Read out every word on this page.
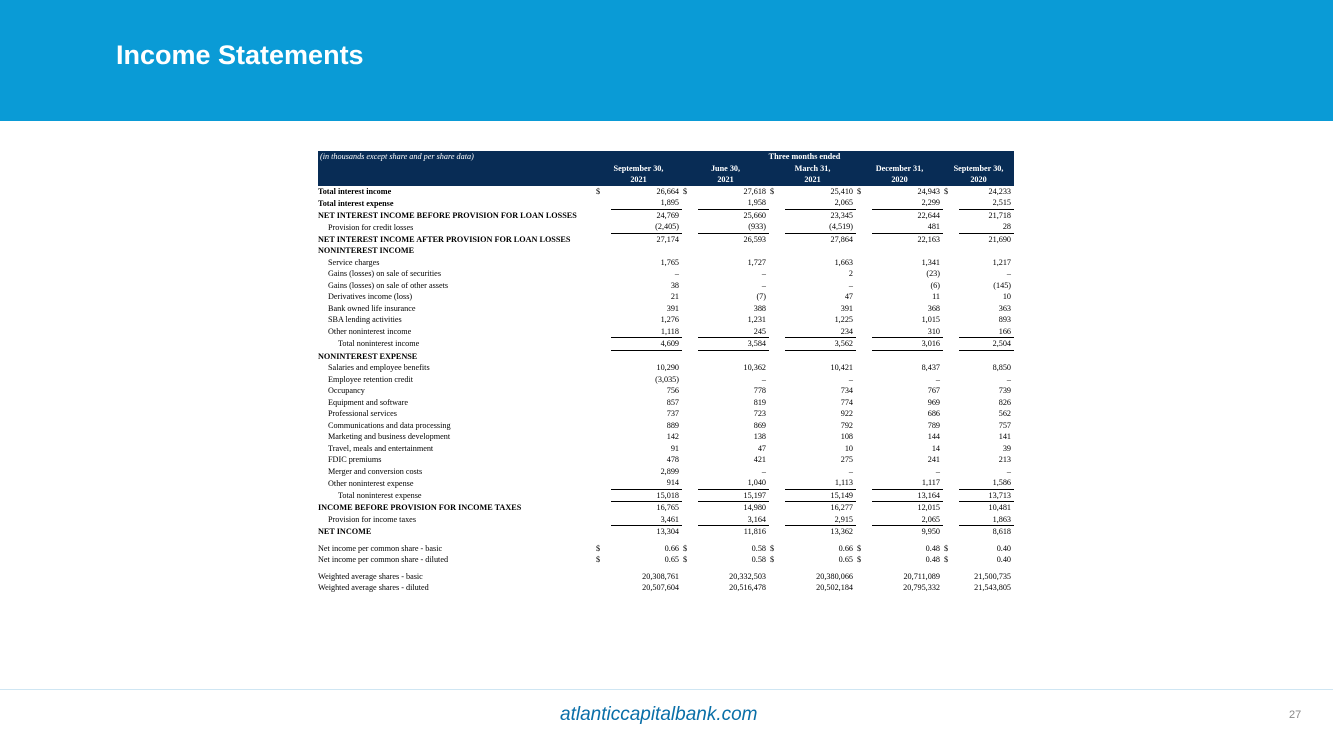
Income Statements
(in thousands except share and per share data)	Three months ended									
	September 30,		June 30,		March 31,		December 31,		September 30,	
	2021		2021		2021		2020		2020	
Total interest income	$	26,664	$	27,618	$	25,410	$	24,943	$	24,233
Total interest expense		1,895		1,958		2,065		2,299		2,515
NET INTEREST INCOME BEFORE PROVISION FOR LOAN LOSSES		24,769		25,660		23,345		22,644		21,718
Provision for credit losses		(2,405)		(933)		(4,519)		481		28
NET INTEREST INCOME AFTER PROVISION FOR LOAN LOSSES		27,174		26,593		27,864		22,163		21,690
NONINTEREST INCOME										
Service charges		1,765		1,727		1,663		1,341		1,217
Gains (losses) on sale of securities		–		–		2		(23)		–
Gains (losses) on sale of other assets		38		–		–		(6)		(145)
Derivatives income (loss)		21		(7)		47		11		10
Bank owned life insurance		391		388		391		368		363
SBA lending activities		1,276		1,231		1,225		1,015		893
Other noninterest income		1,118		245		234		310		166
Total noninterest income		4,609		3,584		3,562		3,016		2,504
NONINTEREST EXPENSE										
Salaries and employee benefits		10,290		10,362		10,421		8,437		8,850
Employee retention credit		(3,035)		–		–		–		–
Occupancy		756		778		734		767		739
Equipment and software		857		819		774		969		826
Professional services		737		723		922		686		562
Communications and data processing		889		869		792		789		757
Marketing and business development		142		138		108		144		141
Travel, meals and entertainment		91		47		10		14		39
FDIC premiums		478		421		275		241		213
Merger and conversion costs		2,899		–		–		–		–
Other noninterest expense		914		1,040		1,113		1,117		1,586
Total noninterest expense		15,018		15,197		15,149		13,164		13,713
INCOME BEFORE PROVISION FOR INCOME TAXES		16,765		14,980		16,277		12,015		10,481
Provision for income taxes		3,461		3,164		2,915		2,065		1,863
NET INCOME		13,304		11,816		13,362		9,950		8,618

Net income per common share - basic	$	0.66	$	0.58	$	0.66	$	0.48	$	0.40
Net income per common share - diluted	$	0.65	$	0.58	$	0.65	$	0.48	$	0.40

Weighted average shares - basic		20,308,761		20,332,503		20,380,066		20,711,089		21,500,735
Weighted average shares - diluted		20,507,604		20,516,478		20,502,184		20,795,332		21,543,805
atlanticcapitalbank.com	27
